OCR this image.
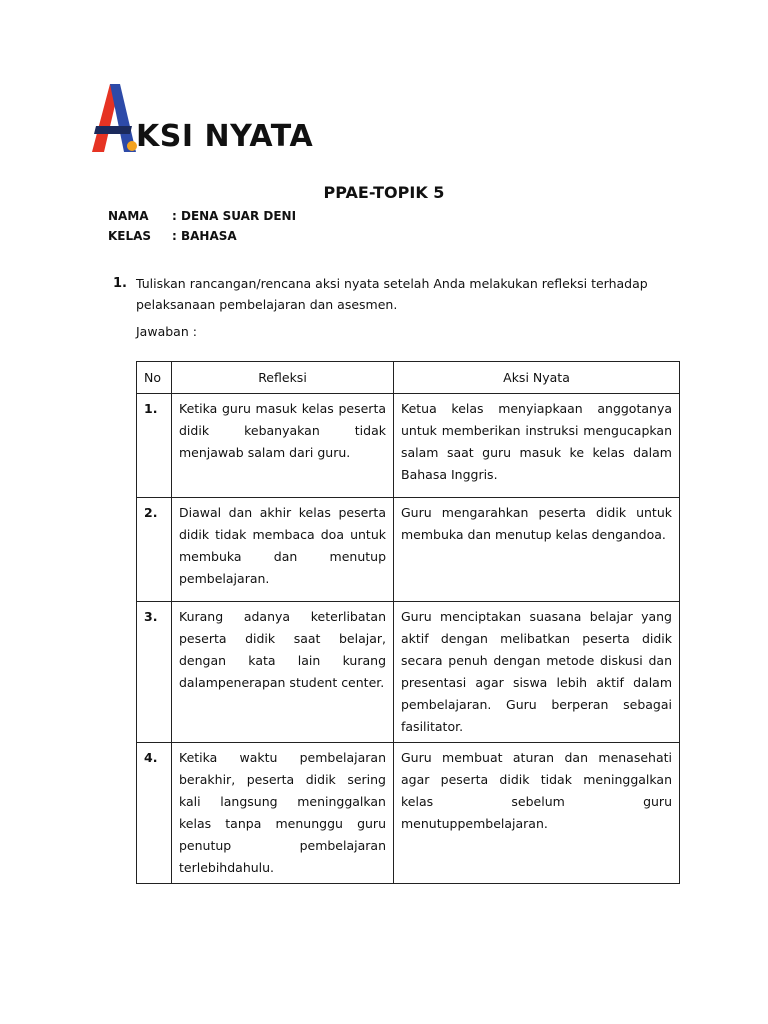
KSI NYATA
PPAE-TOPIK 5
NAMA : DENA SUAR DENI
KELAS : BAHASA
1. Tuliskan rancangan/rencana aksi nyata setelah Anda melakukan refleksi terhadap pelaksanaan pembelajaran dan asesmen.
Jawaban :
No	Refleksi	Aksi Nyata
1.	Ketika guru masuk kelas peserta didik kebanyakan tidak menjawab salam dari guru.	Ketua kelas menyiapkaan anggotanya untuk memberikan instruksi mengucapkan salam saat guru masuk ke kelas dalam Bahasa Inggris.
2.	Diawal dan akhir kelas peserta didik tidak membaca doa untuk membuka dan menutup pembelajaran.	Guru mengarahkan peserta didik untuk membuka dan menutup kelas dengandoa.
3.	Kurang adanya keterlibatan peserta didik saat belajar, dengan kata lain kurang dalampenerapan student center.	Guru menciptakan suasana belajar yang aktif dengan melibatkan peserta didik secara penuh dengan metode diskusi dan presentasi agar siswa lebih aktif dalam pembelajaran. Guru berperan sebagai fasilitator.
4.	Ketika waktu pembelajaran berakhir, peserta didik sering kali langsung meninggalkan kelas tanpa menunggu guru penutup pembelajaran terlebihdahulu.	Guru membuat aturan dan menasehati agar peserta didik tidak meninggalkan kelas sebelum guru menutuppembelajaran.
